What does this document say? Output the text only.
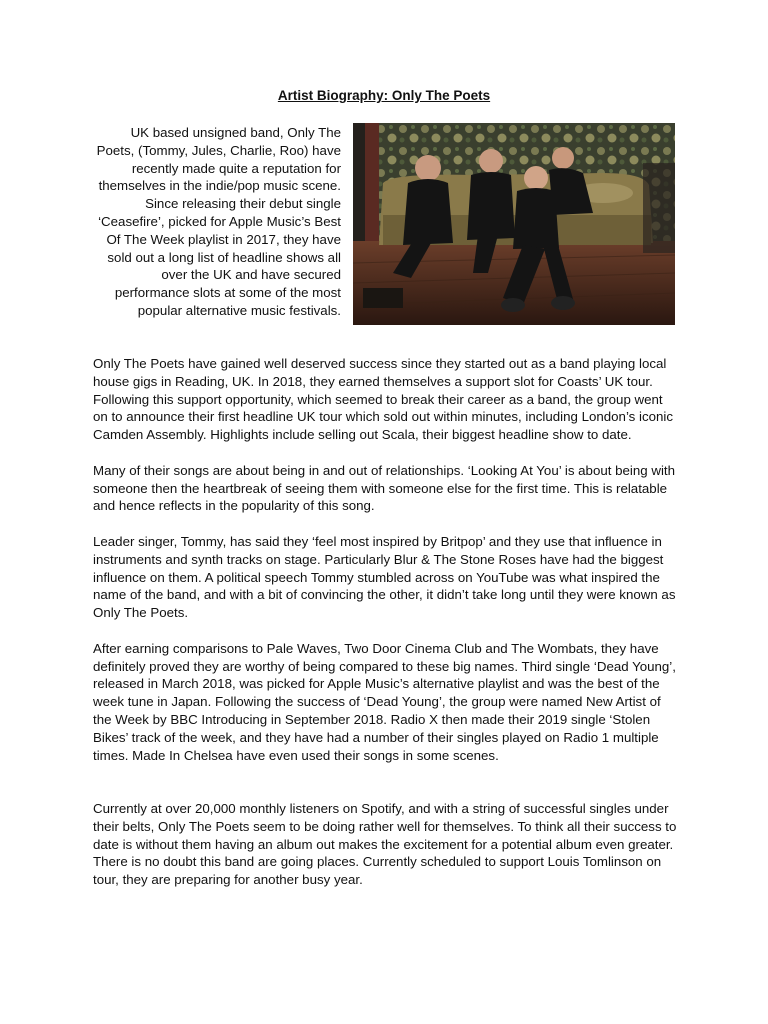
Artist Biography: Only The Poets

UK based unsigned band, Only The Poets, (Tommy, Jules, Charlie, Roo) have recently made quite a reputation for themselves in the indie/pop music scene. Since releasing their debut single ‘Ceasefire’, picked for Apple Music’s Best Of The Week playlist in 2017, they have sold out a long list of headline shows all over the UK and have secured performance slots at some of the most popular alternative music festivals.

Only The Poets have gained well deserved success since they started out as a band playing local house gigs in Reading, UK. In 2018, they earned themselves a support slot for Coasts’ UK tour. Following this support opportunity, which seemed to break their career as a band, the group went on to announce their first headline UK tour which sold out within minutes, including London’s iconic Camden Assembly. Highlights include selling out Scala, their biggest headline show to date.

Many of their songs are about being in and out of relationships. ‘Looking At You’ is about being with someone then the heartbreak of seeing them with someone else for the first time. This is relatable and hence reflects in the popularity of this song.

Leader singer, Tommy, has said they ‘feel most inspired by Britpop’ and they use that influence in instruments and synth tracks on stage. Particularly Blur & The Stone Roses have had the biggest influence on them. A political speech Tommy stumbled across on YouTube was what inspired the name of the band, and with a bit of convincing the other, it didn’t take long until they were known as Only The Poets.

After earning comparisons to Pale Waves, Two Door Cinema Club and The Wombats, they have definitely proved they are worthy of being compared to these big names. Third single ‘Dead Young’, released in March 2018, was picked for Apple Music’s alternative playlist and was the best of the week tune in Japan. Following the success of ‘Dead Young’, the group were named New Artist of the Week by BBC Introducing in September 2018. Radio X then made their 2019 single ‘Stolen Bikes’ track of the week, and they have had a number of their singles played on Radio 1 multiple times. Made In Chelsea have even used their songs in some scenes.

Currently at over 20,000 monthly listeners on Spotify, and with a string of successful singles under their belts, Only The Poets seem to be doing rather well for themselves. To think all their success to date is without them having an album out makes the excitement for a potential album even greater. There is no doubt this band are going places. Currently scheduled to support Louis Tomlinson on tour, they are preparing for another busy year.
